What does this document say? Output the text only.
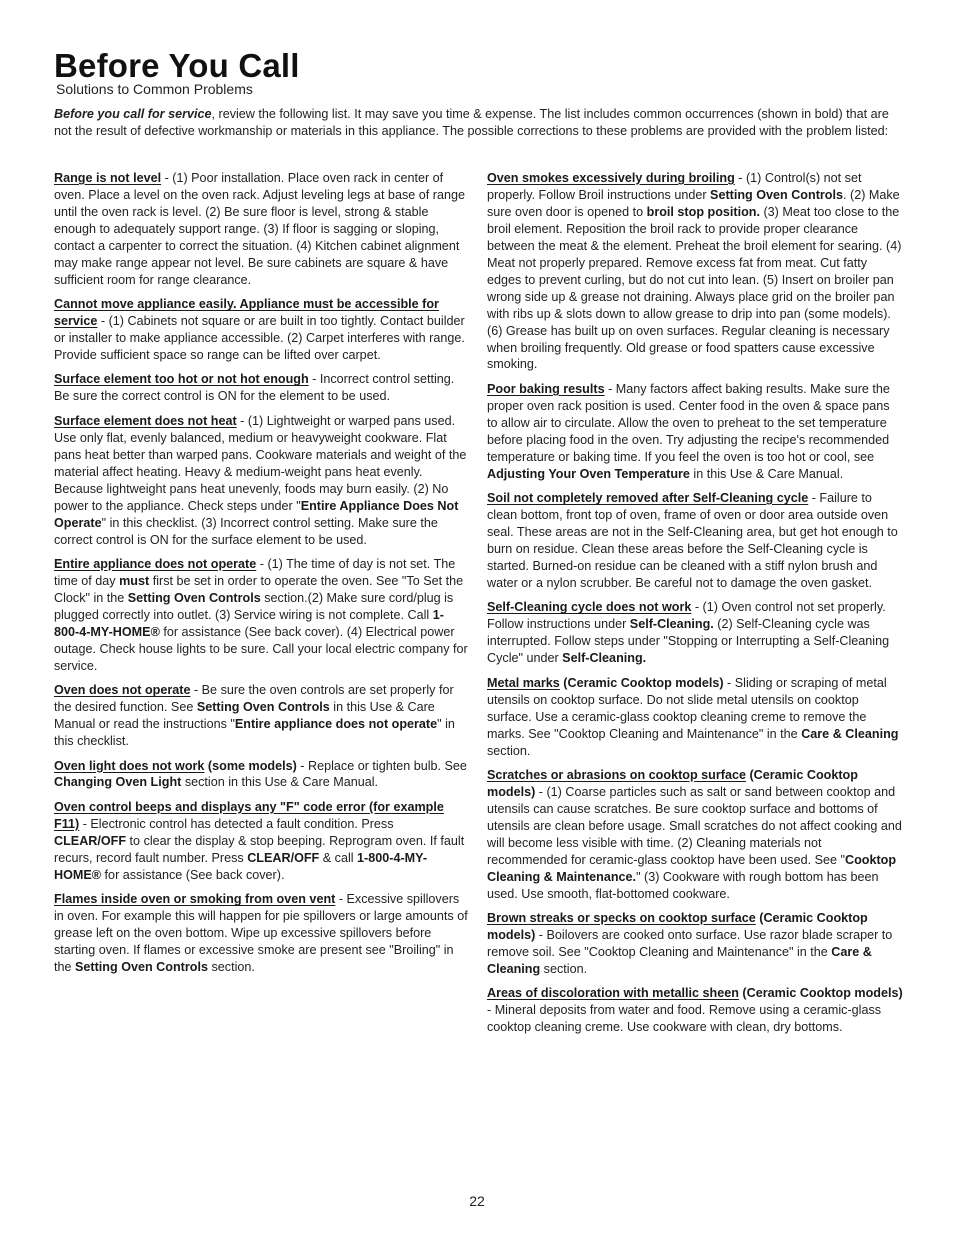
Before You Call
Solutions to Common Problems

Before you call for service, review the following list. It may save you time & expense. The list includes common occurrences (shown in bold) that are not the result of defective workmanship or materials in this appliance. The possible corrections to these problems are provided with the problem listed:

Range is not level - (1) Poor installation. Place oven rack in center of oven. Place a level on the oven rack. Adjust leveling legs at base of range until the oven rack is level. (2) Be sure floor is level, strong & stable enough to adequately support range. (3) If floor is sagging or sloping, contact a carpenter to correct the situation. (4) Kitchen cabinet alignment may make range appear not level. Be sure cabinets are square & have sufficient room for range clearance.

Cannot move appliance easily. Appliance must be accessible for service - (1) Cabinets not square or are built in too tightly. Contact builder or installer to make appliance accessible. (2) Carpet interferes with range. Provide sufficient space so range can be lifted over carpet.

Surface element too hot or not hot enough - Incorrect control setting. Be sure the correct control is ON for the element to be used.

Surface element does not heat - (1) Lightweight or warped pans used. Use only flat, evenly balanced, medium or heavyweight cookware. Flat pans heat better than warped pans. Cookware materials and weight of the material affect heating. Heavy & medium-weight pans heat evenly. Because lightweight pans heat unevenly, foods may burn easily. (2) No power to the appliance. Check steps under "Entire Appliance Does Not Operate" in this checklist. (3) Incorrect control setting. Make sure the correct control is ON for the surface element to be used.

Entire appliance does not operate - (1) The time of day is not set. The time of day must first be set in order to operate the oven. See "To Set the Clock" in the Setting Oven Controls section.(2) Make sure cord/plug is plugged correctly into outlet. (3) Service wiring is not complete. Call 1-800-4-MY-HOME® for assistance (See back cover). (4) Electrical power outage. Check house lights to be sure. Call your local electric company for service.

Oven does not operate - Be sure the oven controls are set properly for the desired function. See Setting Oven Controls in this Use & Care Manual or read the instructions "Entire appliance does not operate" in this checklist.

Oven light does not work (some models) - Replace or tighten bulb. See Changing Oven Light section in this Use & Care Manual.

Oven control beeps and displays any "F" code error (for example F11) - Electronic control has detected a fault condition. Press CLEAR/OFF to clear the display & stop beeping. Reprogram oven. If fault recurs, record fault number. Press CLEAR/OFF & call 1-800-4-MY-HOME® for assistance (See back cover).

Flames inside oven or smoking from oven vent - Excessive spillovers in oven. For example this will happen for pie spillovers or large amounts of grease left on the oven bottom. Wipe up excessive spillovers before starting oven. If flames or excessive smoke are present see "Broiling" in the Setting Oven Controls section.

Oven smokes excessively during broiling - (1) Control(s) not set properly. Follow Broil instructions under Setting Oven Controls. (2) Make sure oven door is opened to broil stop position. (3) Meat too close to the broil element. Reposition the broil rack to provide proper clearance between the meat & the element. Preheat the broil element for searing. (4) Meat not properly prepared. Remove excess fat from meat. Cut fatty edges to prevent curling, but do not cut into lean. (5) Insert on broiler pan wrong side up & grease not draining. Always place grid on the broiler pan with ribs up & slots down to allow grease to drip into pan (some models). (6) Grease has built up on oven surfaces. Regular cleaning is necessary when broiling frequently. Old grease or food spatters cause excessive smoking.

Poor baking results - Many factors affect baking results. Make sure the proper oven rack position is used. Center food in the oven & space pans to allow air to circulate. Allow the oven to preheat to the set temperature before placing food in the oven. Try adjusting the recipe's recommended temperature or baking time. If you feel the oven is too hot or cool, see Adjusting Your Oven Temperature in this Use & Care Manual.

Soil not completely removed after Self-Cleaning cycle - Failure to clean bottom, front top of oven, frame of oven or door area outside oven seal. These areas are not in the Self-Cleaning area, but get hot enough to burn on residue. Clean these areas before the Self-Cleaning cycle is started. Burned-on residue can be cleaned with a stiff nylon brush and water or a nylon scrubber. Be careful not to damage the oven gasket.

Self-Cleaning cycle does not work - (1) Oven control not set properly. Follow instructions under Self-Cleaning. (2) Self-Cleaning cycle was interrupted. Follow steps under "Stopping or Interrupting a Self-Cleaning Cycle" under Self-Cleaning.

Metal marks (Ceramic Cooktop models) - Sliding or scraping of metal utensils on cooktop surface. Do not slide metal utensils on cooktop surface. Use a ceramic-glass cooktop cleaning creme to remove the marks. See "Cooktop Cleaning and Maintenance" in the Care & Cleaning section.

Scratches or abrasions on cooktop surface (Ceramic Cooktop models) - (1) Coarse particles such as salt or sand between cooktop and utensils can cause scratches. Be sure cooktop surface and bottoms of utensils are clean before usage. Small scratches do not affect cooking and will become less visible with time. (2) Cleaning materials not recommended for ceramic-glass cooktop have been used. See "Cooktop Cleaning & Maintenance." (3) Cookware with rough bottom has been used. Use smooth, flat-bottomed cookware.

Brown streaks or specks on cooktop surface (Ceramic Cooktop models) - Boilovers are cooked onto surface. Use razor blade scraper to remove soil. See "Cooktop Cleaning and Maintenance" in the Care & Cleaning section.

Areas of discoloration with metallic sheen (Ceramic Cooktop models) - Mineral deposits from water and food. Remove using a ceramic-glass cooktop cleaning creme. Use cookware with clean, dry bottoms.

22
